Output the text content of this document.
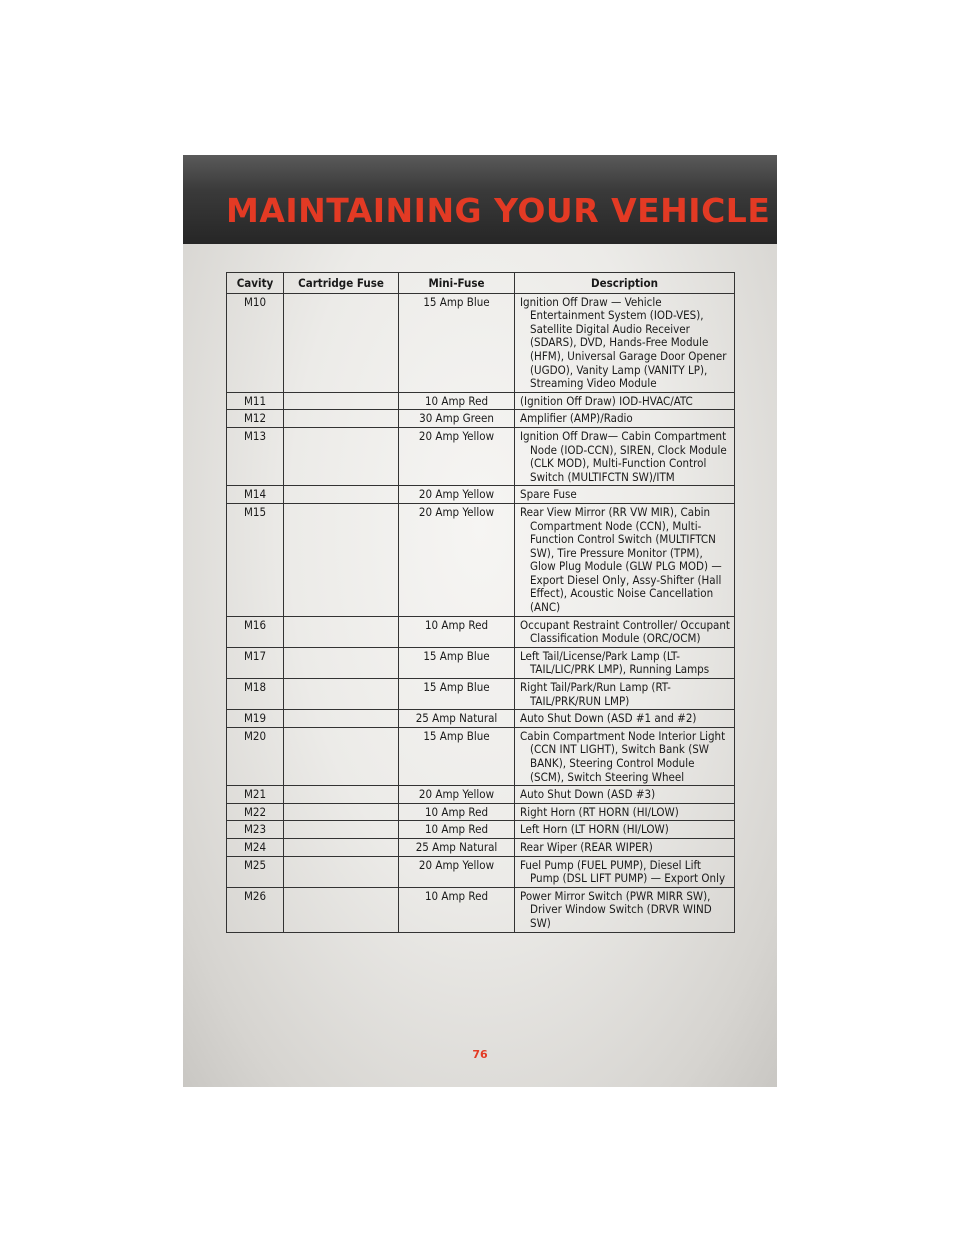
MAINTAINING YOUR VEHICLE
Cavity	Cartridge Fuse	Mini-Fuse	Description
M10		15 Amp Blue	Ignition Off Draw — Vehicle Entertainment System (IOD-VES), Satellite Digital Audio Receiver (SDARS), DVD, Hands-Free Module (HFM), Universal Garage Door Opener (UGDO), Vanity Lamp (VANITY LP), Streaming Video Module

M11		10 Amp Red	(Ignition Off Draw) IOD-HVAC/ATC

M12		30 Amp Green	Amplifier (AMP)/Radio

M13		20 Amp Yellow	Ignition Off Draw— Cabin Compartment Node (IOD-CCN), SIREN, Clock Module (CLK MOD), Multi-Function Control Switch (MULTIFCTN SW)/ITM

M14		20 Amp Yellow	Spare Fuse

M15		20 Amp Yellow	Rear View Mirror (RR VW MIR), Cabin Compartment Node (CCN), Multi-Function Control Switch (MULTIFTCN SW), Tire Pressure Monitor (TPM), Glow Plug Module (GLW PLG MOD) — Export Diesel Only, Assy-Shifter (Hall Effect), Acoustic Noise Cancellation (ANC)

M16		10 Amp Red	Occupant Restraint Controller/ Occupant Classification Module (ORC/OCM)

M17		15 Amp Blue	Left Tail/License/Park Lamp (LT-TAIL/LIC/PRK LMP), Running Lamps

M18		15 Amp Blue	Right Tail/Park/Run Lamp (RT-TAIL/PRK/RUN LMP)

M19		25 Amp Natural	Auto Shut Down (ASD #1 and #2)

M20		15 Amp Blue	Cabin Compartment Node Interior Light (CCN INT LIGHT), Switch Bank (SW BANK), Steering Control Module (SCM), Switch Steering Wheel

M21		20 Amp Yellow	Auto Shut Down (ASD #3)

M22		10 Amp Red	Right Horn (RT HORN (HI/LOW)

M23		10 Amp Red	Left Horn (LT HORN (HI/LOW)

M24		25 Amp Natural	Rear Wiper (REAR WIPER)

M25		20 Amp Yellow	Fuel Pump (FUEL PUMP), Diesel Lift Pump (DSL LIFT PUMP) — Export Only

M26		10 Amp Red	Power Mirror Switch (PWR MIRR SW), Driver Window Switch (DRVR WIND SW)
76
